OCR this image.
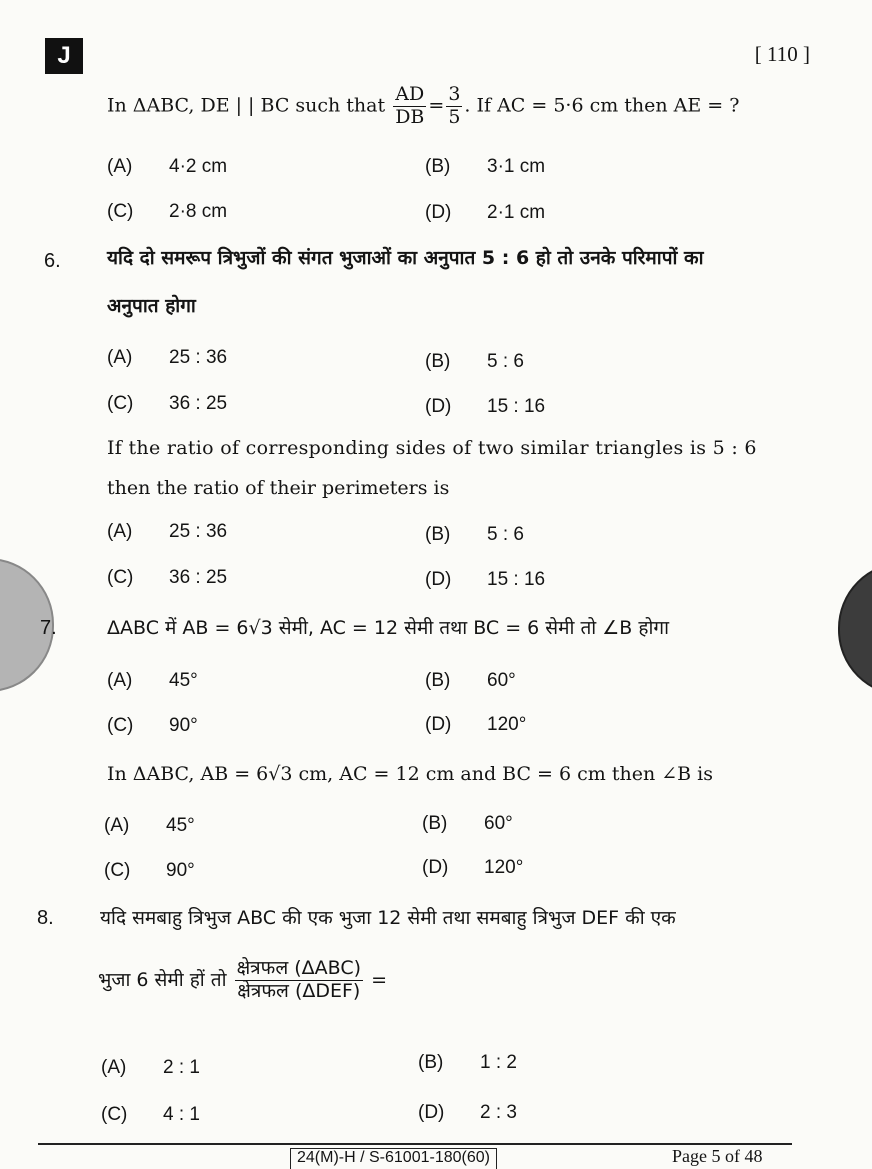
J	[ 110 ]
In ΔABC, DE | | BC such that $\frac{AD}{DB} = \frac{3}{5}$ . If AC = 5·6 cm then AE = ?
(A) 4·2 cm	(B) 3·1 cm
(C) 2·8 cm	(D) 2·1 cm
6. यदि दो समरूप त्रिभुजों की संगत भुजाओं का अनुपात 5 : 6 हो तो उनके परिमापों का
अनुपात होगा
(A) 25 : 36	(B) 5 : 6
(C) 36 : 25	(D) 15 : 16
If the ratio of corresponding sides of two similar triangles is 5 : 6
then the ratio of their perimeters is
(A) 25 : 36	(B) 5 : 6
(C) 36 : 25	(D) 15 : 16
7.	ΔABC में AB = 6√3 सेमी, AC = 12 सेमी तथा BC = 6 सेमी तो ∠B होगा
(A) 45°	(B) 60°
(C) 90°	(D) 120°
In ΔABC, AB = 6√3 cm, AC = 12 cm and BC = 6 cm then ∠B is
(A) 45°	(B) 60°
(C) 90°	(D) 120°
8. यदि समबाहु त्रिभुज ABC की एक भुजा 12 सेमी तथा समबाहु त्रिभुज DEF की एक
भुजा 6 सेमी हों तो $\frac{\text{क्षेत्रफल (ΔABC)}}{\text{क्षेत्रफल (ΔDEF)}}$ =
(A) 2 : 1	(B) 1 : 2
(C) 4 : 1	(D) 2 : 3
24(M)-H / S-61001-180(60)	Page 5 of 48
